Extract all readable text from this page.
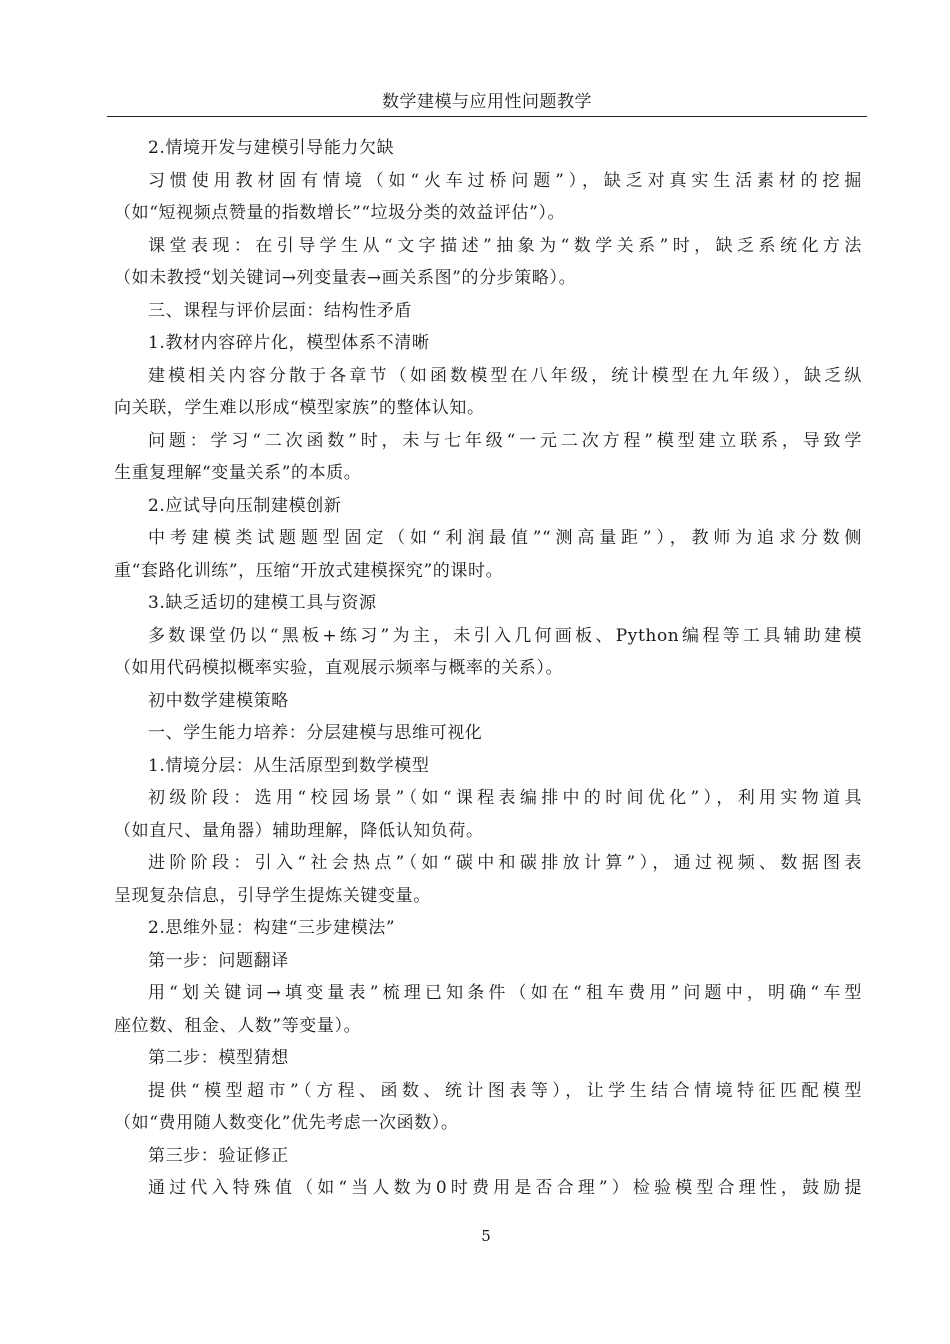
数学建模与应用性问题教学
2.情境开发与建模引导能力欠缺
习惯使用教材固有情境（如“火车过桥问题”），缺乏对真实生活素材的挖掘
（如“短视频点赞量的指数增长”“垃圾分类的效益评估”）。
课堂表现：在引导学生从“文字描述”抽象为“数学关系”时，缺乏系统化方法
（如未教授“划关键词→列变量表→画关系图”的分步策略）。
三、课程与评价层面：结构性矛盾
1.教材内容碎片化，模型体系不清晰
建模相关内容分散于各章节（如函数模型在八年级，统计模型在九年级），缺乏纵
向关联，学生难以形成“模型家族”的整体认知。
问题：学习“二次函数”时，未与七年级“一元二次方程”模型建立联系，导致学
生重复理解“变量关系”的本质。
2.应试导向压制建模创新
中考建模类试题题型固定（如“利润最值”“测高量距”），教师为追求分数侧
重“套路化训练”，压缩“开放式建模探究”的课时。
3.缺乏适切的建模工具与资源
多数课堂仍以“黑板+练习”为主，未引入几何画板、Python编程等工具辅助建模
（如用代码模拟概率实验，直观展示频率与概率的关系）。
初中数学建模策略
一、学生能力培养：分层建模与思维可视化
1.情境分层：从生活原型到数学模型
初级阶段：选用“校园场景”（如“课程表编排中的时间优化”），利用实物道具
（如直尺、量角器）辅助理解，降低认知负荷。
进阶阶段：引入“社会热点”（如“碳中和碳排放计算”），通过视频、数据图表
呈现复杂信息，引导学生提炼关键变量。
2.思维外显：构建“三步建模法”
第一步：问题翻译
用“划关键词→填变量表”梳理已知条件（如在“租车费用”问题中，明确“车型
座位数、租金、人数”等变量）。
第二步：模型猜想
提供“模型超市”（方程、函数、统计图表等），让学生结合情境特征匹配模型
（如“费用随人数变化”优先考虑一次函数）。
第三步：验证修正
通过代入特殊值（如“当人数为0时费用是否合理”）检验模型合理性，鼓励提
5
